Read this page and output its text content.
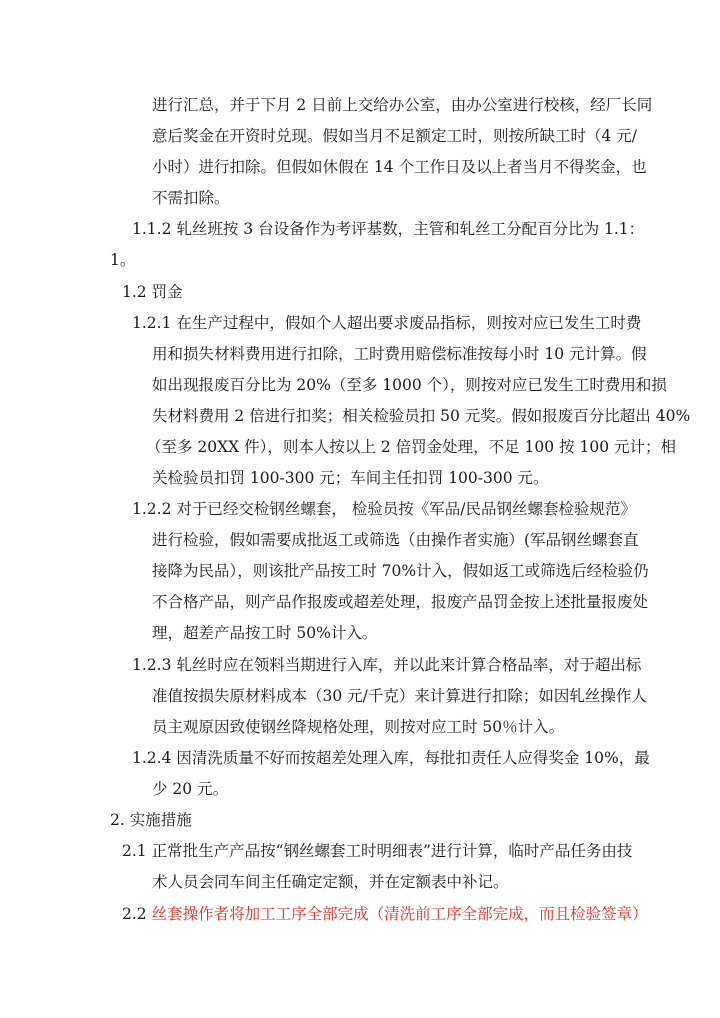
进行汇总，并于下月 2 日前上交给办公室，由办公室进行校核，经厂长同
意后奖金在开资时兑现。假如当月不足额定工时，则按所缺工时（4 元/
小时）进行扣除。但假如休假在 14 个工作日及以上者当月不得奖金，也
不需扣除。
1.1.2 轧丝班按 3 台设备作为考评基数，主管和轧丝工分配百分比为 1.1：
1。
1.2 罚金
1.2.1 在生产过程中，假如个人超出要求废品指标，则按对应已发生工时费
用和损失材料费用进行扣除，工时费用赔偿标准按每小时 10 元计算。假
如出现报废百分比为 20%（至多 1000 个），则按对应已发生工时费用和损
失材料费用 2 倍进行扣奖；相关检验员扣 50 元奖。假如报废百分比超出 40%
（至多 20XX 件），则本人按以上 2 倍罚金处理，不足 100 按 100 元计；相
关检验员扣罚 100-300 元；车间主任扣罚 100-300 元。
1.2.2 对于已经交检钢丝螺套， 检验员按《军品/民品钢丝螺套检验规范》
进行检验，假如需要成批返工或筛选（由操作者实施）(军品钢丝螺套直
接降为民品），则该批产品按工时 70%计入，假如返工或筛选后经检验仍
不合格产品，则产品作报废或超差处理，报废产品罚金按上述批量报废处
理，超差产品按工时 50%计入。
1.2.3 轧丝时应在领料当期进行入库，并以此来计算合格品率，对于超出标
准值按损失原材料成本（30 元/千克）来计算进行扣除；如因轧丝操作人
员主观原因致使钢丝降规格处理，则按对应工时 50％计入。
1.2.4 因清洗质量不好而按超差处理入库，每批扣责任人应得奖金 10%，最
少 20 元。
2. 实施措施
2.1 正常批生产产品按“钢丝螺套工时明细表”进行计算，临时产品任务由技
术人员会同车间主任确定定额，并在定额表中补记。
2.2 丝套操作者将加工工序全部完成（清洗前工序全部完成，而且检验签章）
